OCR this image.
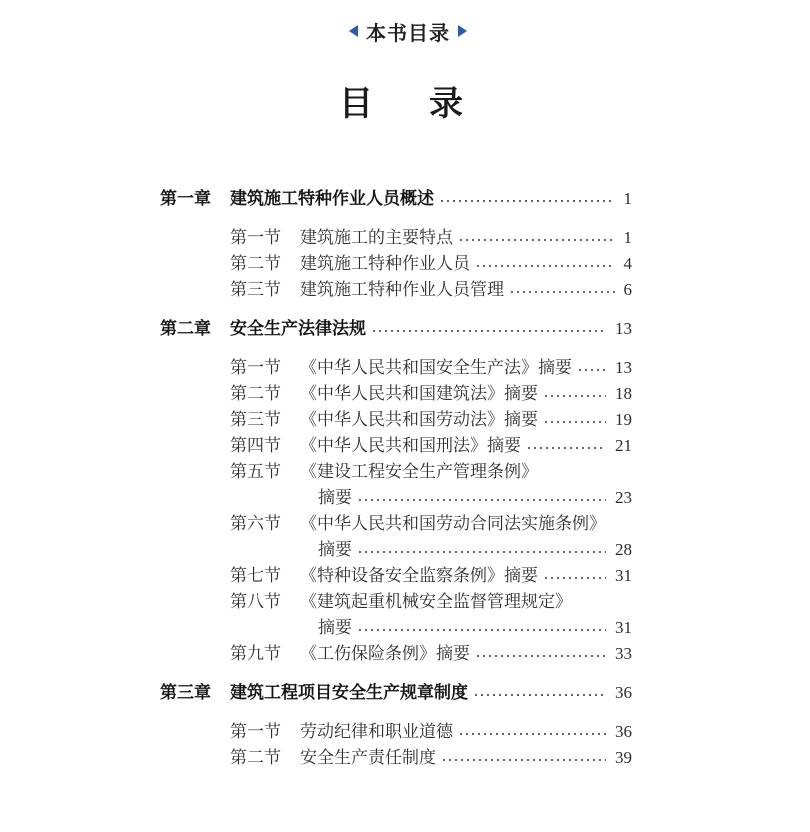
本书目录
目录
第一章	建筑施工特种作业人员概述	1
第一节	建筑施工的主要特点	1
第二节	建筑施工特种作业人员	4
第三节	建筑施工特种作业人员管理	6
第二章	安全生产法律法规	13
第一节	《中华人民共和国安全生产法》摘要	13
第二节	《中华人民共和国建筑法》摘要	18
第三节	《中华人民共和国劳动法》摘要	19
第四节	《中华人民共和国刑法》摘要	21
第五节	《建设工程安全生产管理条例》
摘要	23
第六节	《中华人民共和国劳动合同法实施条例》
摘要	28
第七节	《特种设备安全监察条例》摘要	31
第八节	《建筑起重机械安全监督管理规定》
摘要	31
第九节	《工伤保险条例》摘要	33
第三章	建筑工程项目安全生产规章制度	36
第一节	劳动纪律和职业道德	36
第二节	安全生产责任制度	39
